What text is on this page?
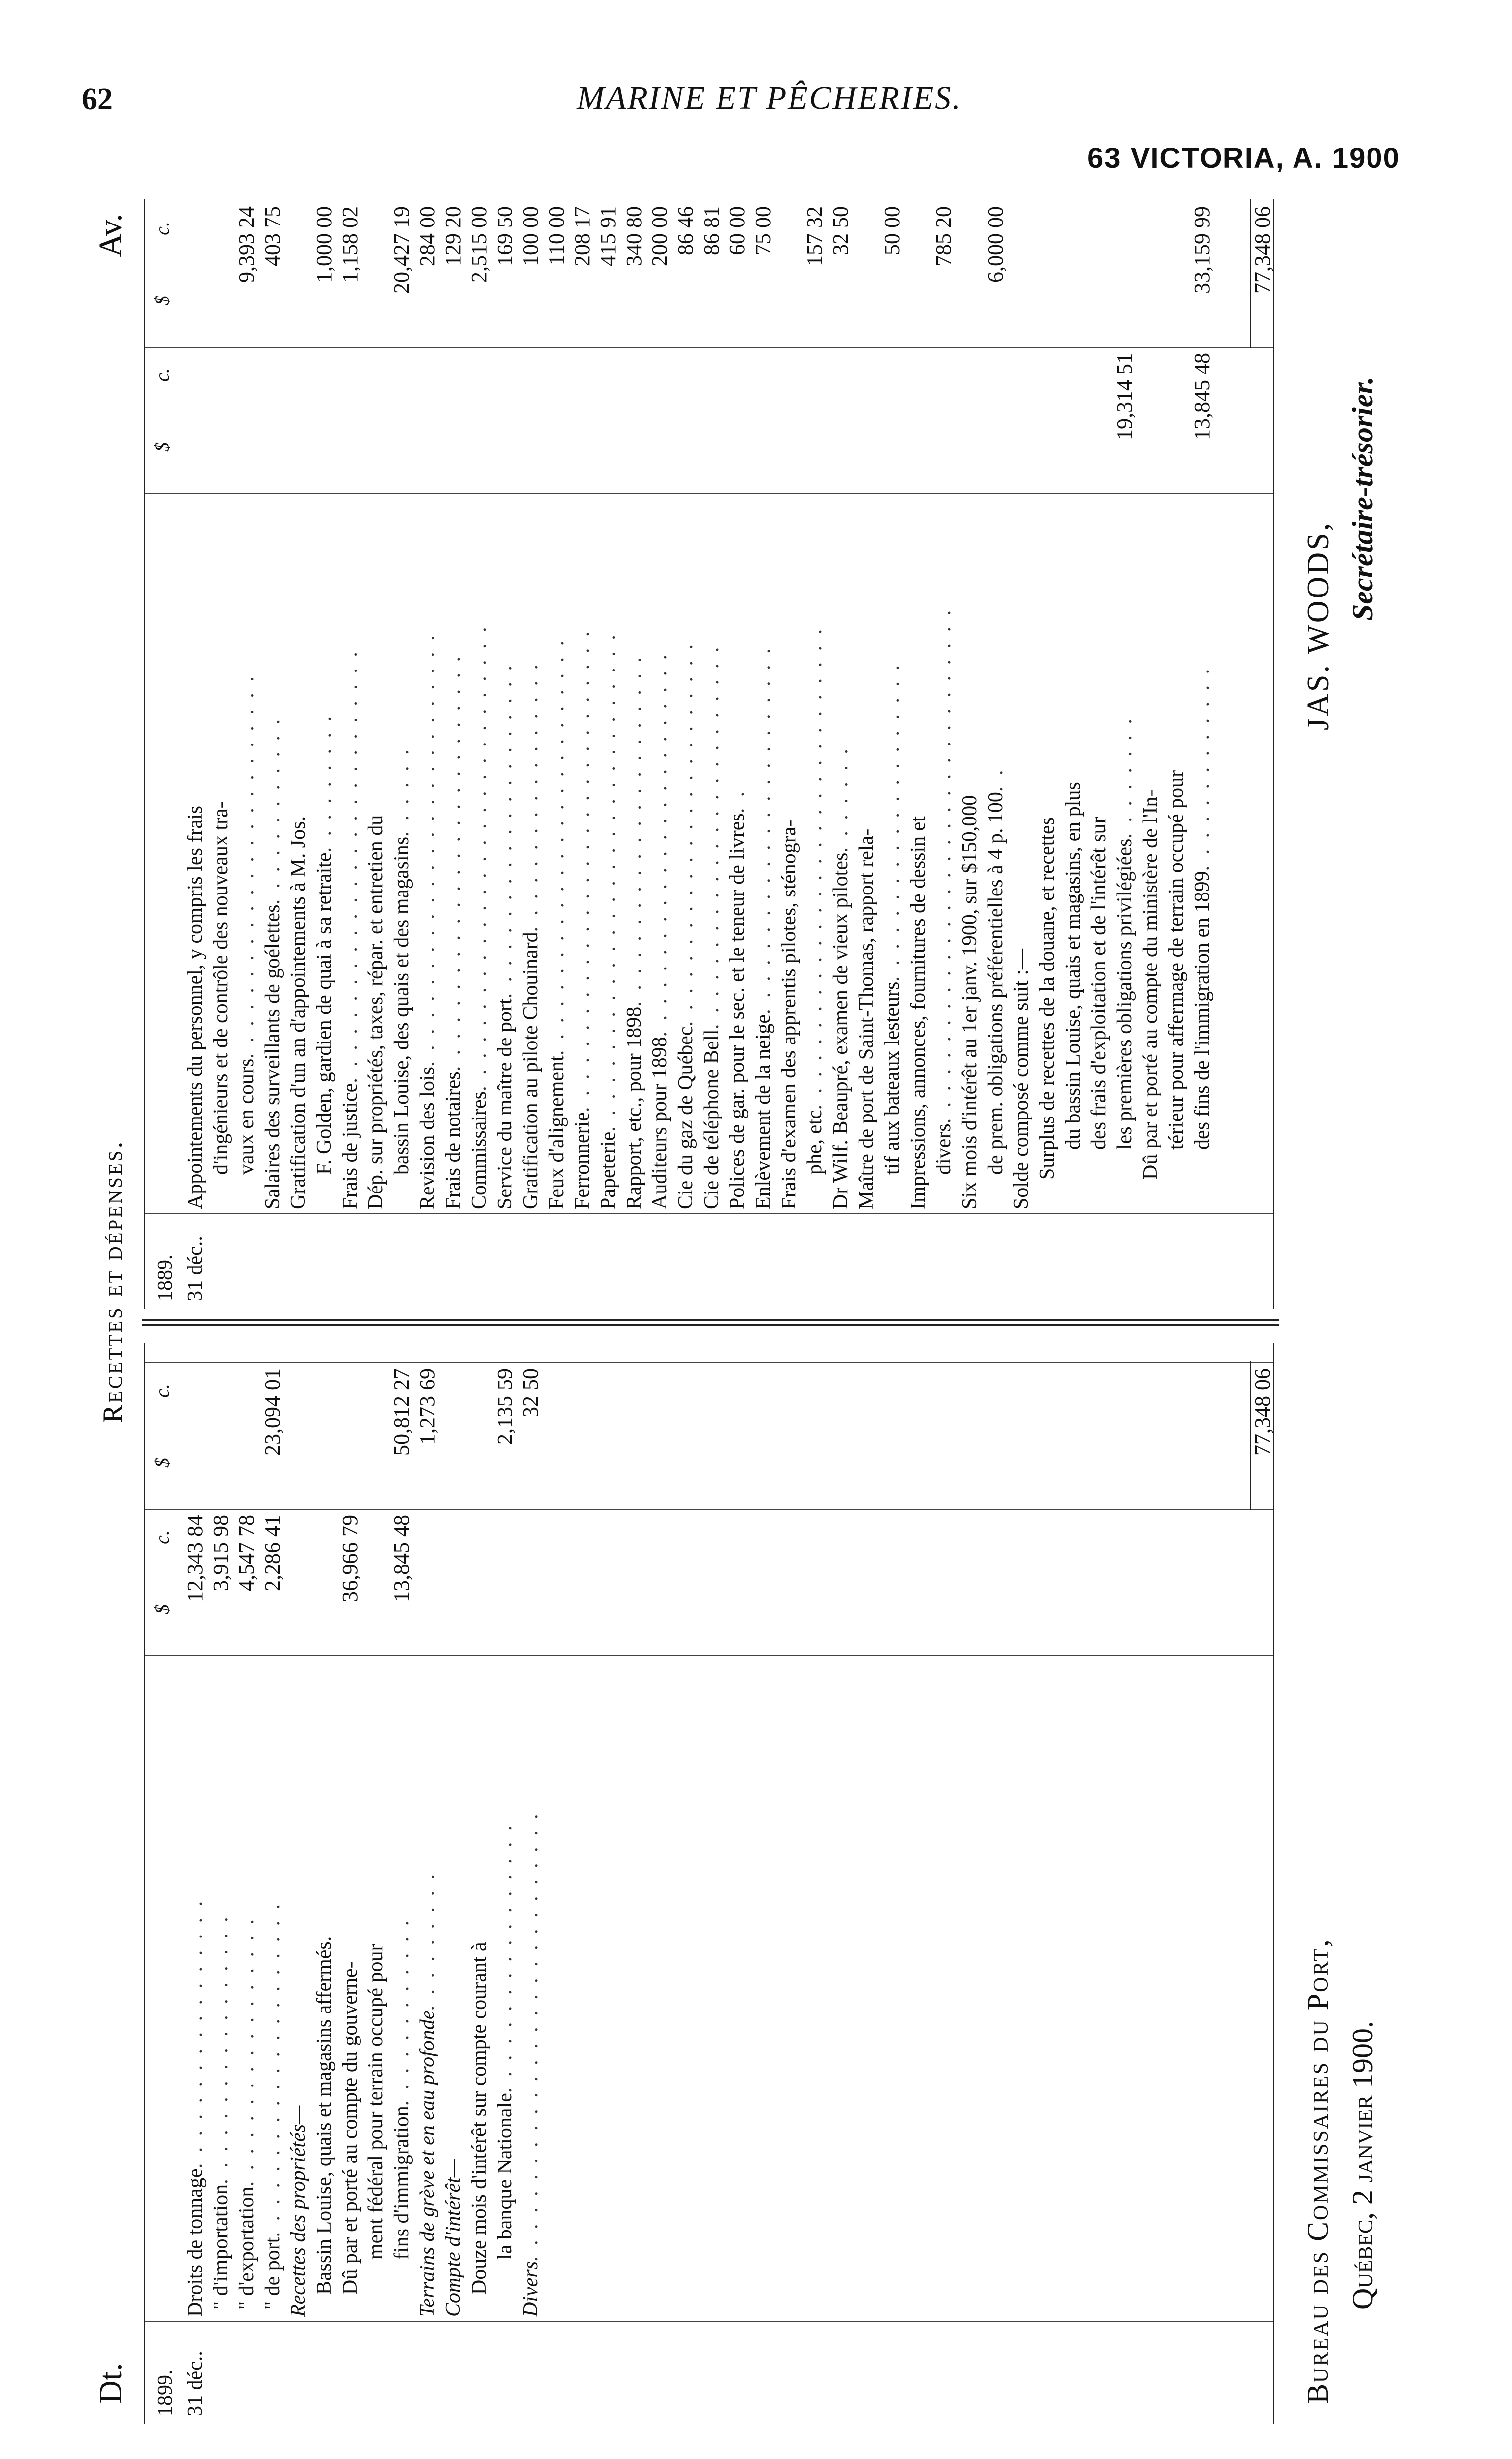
62	MARINE ET PÊCHERIES.
63 VICTORIA, A. 1900
Dt.
Recettes et dépenses.
Av.
$
c.
$
c.
1899. 31 déc..
Droits de tonnage. . . . . . . . . . . . . . . . .
12,343 84
" d'importation. . . . . . . . . . . . . . . . .
3,915 98
" d'exportation. . . . . . . . . . . . . . . . .
4,547 78
" de port. . . . . . . . . . . . . . . . . . . . .
2,286 41
23,094 01
Recettes des propriétés— Bassin Louise, quais et magasins affermés. Dû par et porté au compte du gouverne-
36,966 79
ment fédéral pour terrain occupé pour fins d'immigration. . . . . . . . . . . .
13,845 48
50,812 27
Terrains de grève et en eau profonde. . . . . . . . .
1,273 69
Compte d'intérêt— Douze mois d'intérêt sur compte courant à la banque Nationale. . . . . . . . . . . . . . . . .
2,135 59
Divers. . . . . . . . . . . . . . . . . . . . . . . . . . . .
32 50	77,348 06
$
c.
$
c.
1889. 31 déc..
Appointements du personnel, y compris les frais d'ingénieurs et de contrôle des nouveaux tra- vaux en cours. . . . . . . . . . . . . . . . . . . . . . . .
9,393 24
Salaires des surveillants de goélettes. . . . . . . . . . . .
403 75
Gratification d'un an d'appointements à M. Jos. F. Golden, gardien de quai à sa retraite. . . . . . . . .
1,000 00
Frais de justice. . . . . . . . . . . . . . . . . . . . . . . . . . .
1,158 02
Dép. sur propriétés, taxes, répar. et entretien du bassin Louise, des quais et des magasins. . . . . .
20,427 19
Revision des lois. . . . . . . . . . . . . . . . . . . . . . . . . . .
284 00
Frais de notaires. . . . . . . . . . . . . . . . . . . . . . . . . .
129 20
Commissaires. . . . . . . . . . . . . . . . . . . . . . . . . . . . .
2,515 00
Service du maître de port. . . . . . . . . . . . . . . . . . . . .
169 50
Gratification au pilote Chouinard. . . . . . . . . . . . . . . . .
100 00
Feux d'alignement. . . . . . . . . . . . . . . . . . . . . . . . . .
110 00
Ferronnerie. . . . . . . . . . . . . . . . . . . . . . . . . . . . . .
208 17
Papeterie. . . . . . . . . . . . . . . . . . . . . . . . . . . . . . .
415 91
Rapport, etc., pour 1898. . . . . . . . . . . . . . . . . . . . . .
340 80
Auditeurs pour 1898. . . . . . . . . . . . . . . . . . . . . . . .
200 00
Cie du gaz de Québec. . . . . . . . . . . . . . . . . . . . . . . .
86 46
Cie de téléphone Bell. . . . . . . . . . . . . . . . . . . . . . . .
86 81
Polices de gar. pour le sec. et le teneur de livres. .
60 00
Enlèvement de la neige. . . . . . . . . . . . . . . . . . . . . . .
75 00
Frais d'examen des apprentis pilotes, sténogra- phe, etc. . . . . . . . . . . . . . . . . . . . . . . . . . . . . .
157 32
Dr Wilf. Beaupré, examen de vieux pilotes. . . . . . .
32 50
Maître de port de Saint-Thomas, rapport rela- tif aux bateaux lesteurs. . . . . . . . . . . . . . . . . . . .
50 00
Impressions, annonces, fournitures de dessin et divers. . . . . . . . . . . . . . . . . . . . . . . . . . . . . . . .
785 20
Six mois d'intérêt au 1er janv. 1900, sur $150,000 de prem. obligations préférentielles à 4 p. 100. .
6,000 00
Solde composé comme suit :— Surplus de recettes de la douane, et recettes du bassin Louise, quais et magasins, en plus des frais d'exploitation et de l'intérêt sur les premières obligations privilégiées. . . . . . . .
19,314 51
Dû par et porté au compte du ministère de l'In- térieur pour affermage de terrain occupé pour des fins de l'immigration en 1899. . . . . . . . . . . . .
13,845 48
33,159 99 77,348 06
Bureau des Commissaires du Port, Québec, 2 janvier 1900.
JAS. WOODS,
Secrétaire-trésorier.
